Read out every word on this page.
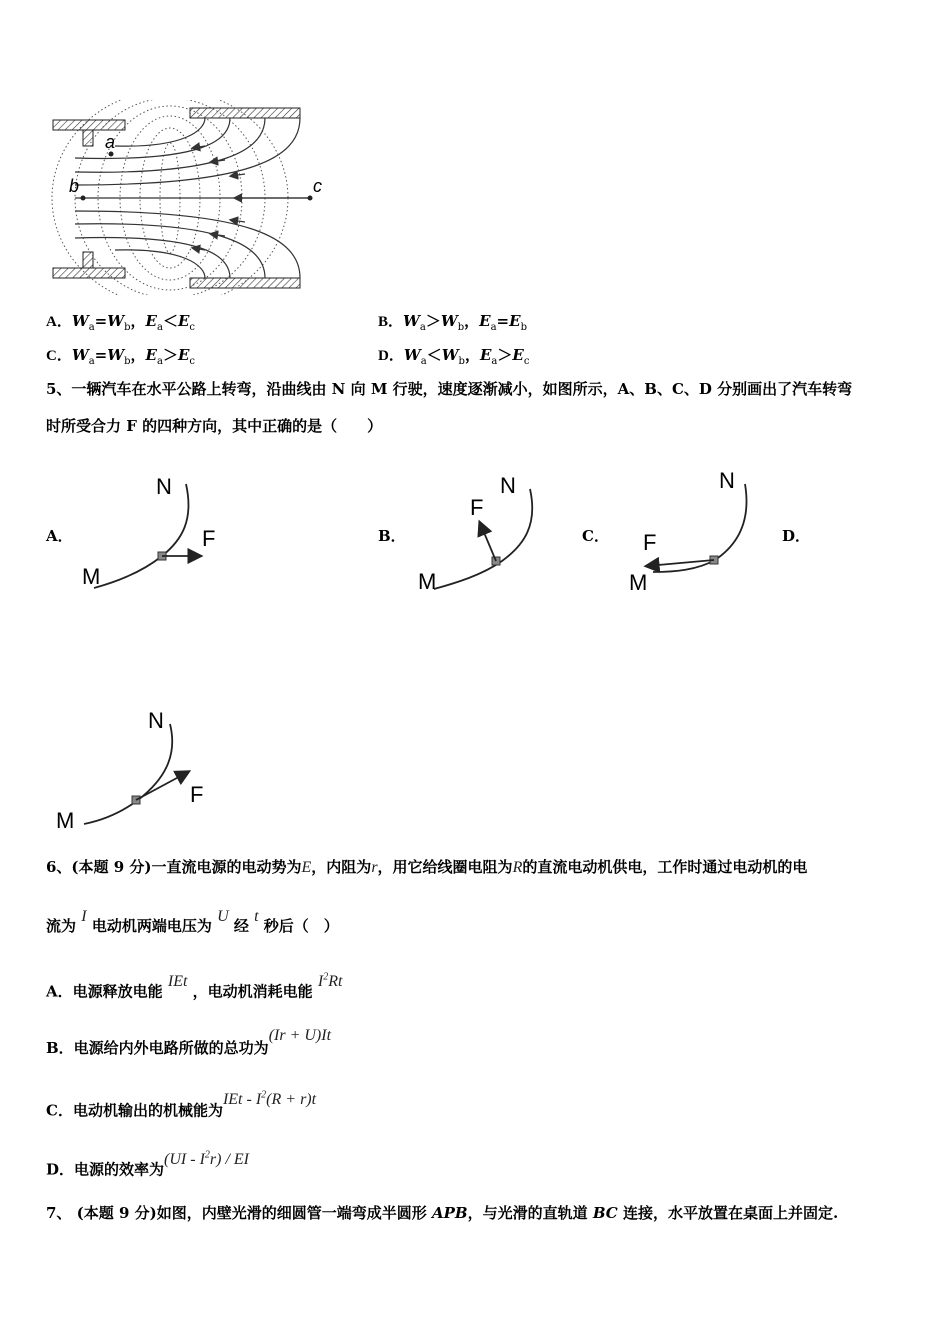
a
b	c
A．$W_a=W_b$，$E_a<E_c$	B．$W_a>W_b$，$E_a=E_b$
C．$W_a=W_b$，$E_a>E_c$	D．$W_a<W_b$，$E_a>E_c$
5、一辆汽车在水平公路上转弯，沿曲线由 N 向 M 行驶，速度逐渐减小，如图所示，A、B、C、D 分别画出了汽车转弯
时所受合力 F 的四种方向，其中正确的是（　　）
A．	B．	C．	D．
N
M
F
N
M
F
N
M
F
N
M
F
6、(本题 9 分)一直流电源的电动势为E，内阻为r，用它给线圈电阻为R的直流电动机供电，工作时通过电动机的电
流为 I 电动机两端电压为 U 经 t 秒后（　）
A．电源释放电能 IEt ，电动机消耗电能 $I^2Rt$
B．电源给内外电路所做的总功为(Ir + U)It
C．电动机输出的机械能为IEt - $I^2(R + r)t$
D．电源的效率为$(UI - I^2r)$ / EI
7、 (本题 9 分)如图，内壁光滑的细圆管一端弯成半圆形 APB，与光滑的直轨道 BC 连接，水平放置在桌面上并固定.
